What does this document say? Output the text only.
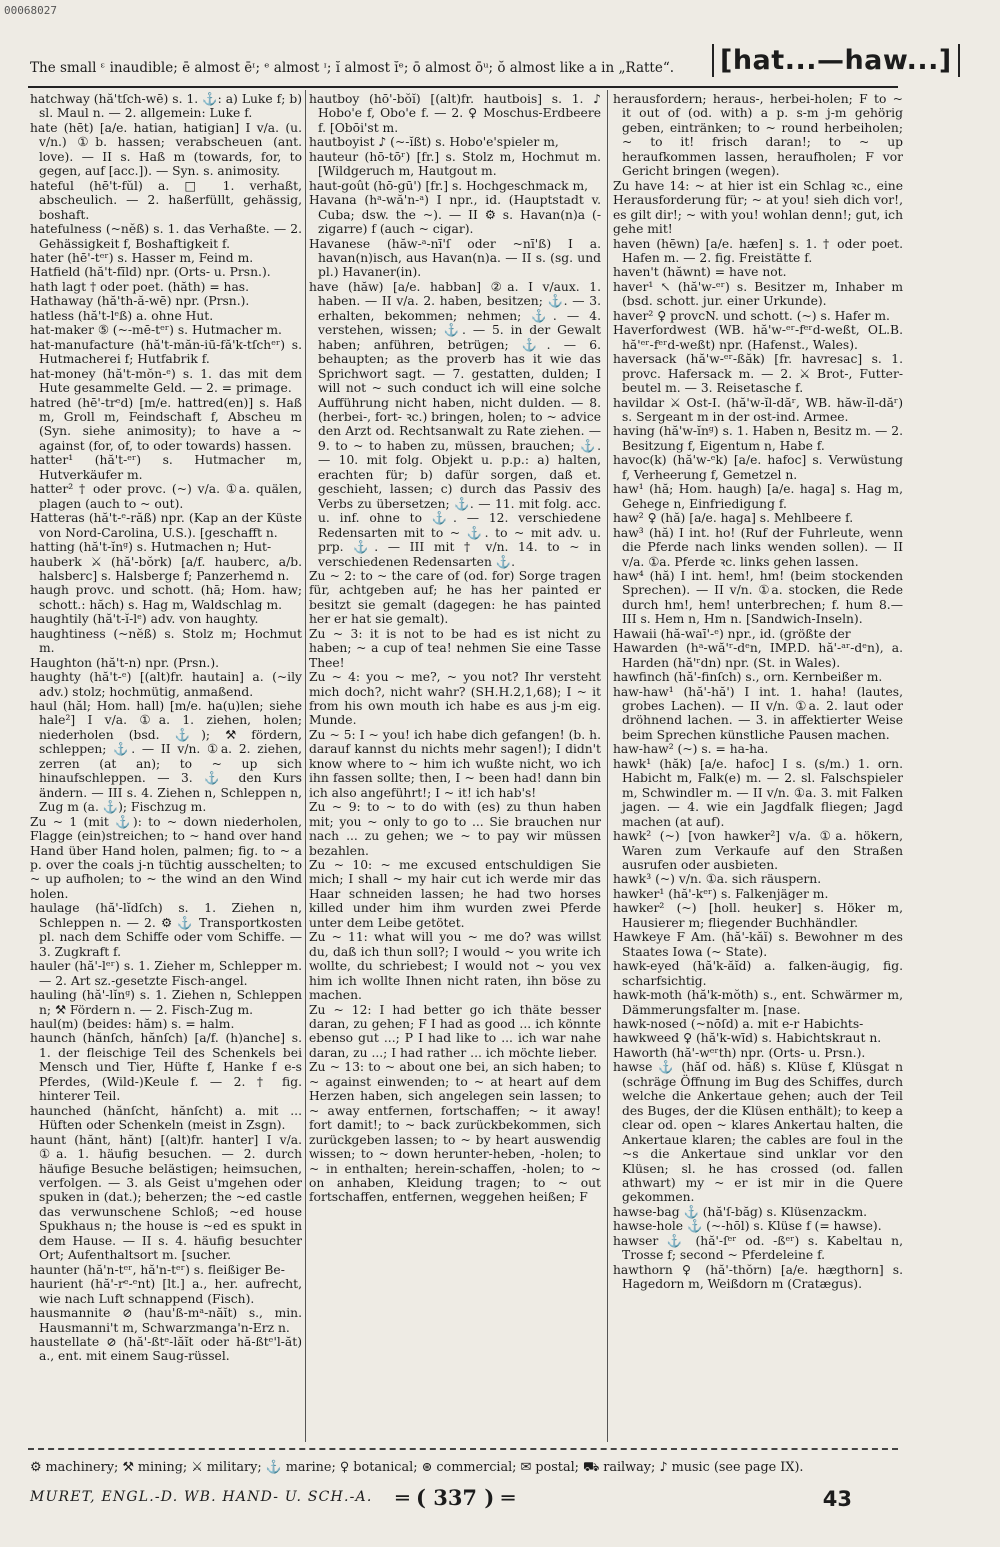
00068027
The small ᵋ inaudible; ē almost ēᶦ; ᵉ almost ᶦ; ĭ almost ĭᵉ; ō almost ōᵘ; ŏ almost like a in „Ratte“.	[hat...—haw...]

hatchway (hă'tſch-wē) s. 1. ⚓: a) Luke f; b) sl. Maul n. — 2. allgemein: Luke f.

hate (hēt) [a/e. hatian, hatigian] I v/a. (u. v/n.) ①b. hassen; verabscheuen (ant. love). — II s. Haß m (towards, for, to gegen, auf [acc.]). — Syn. s. animosity.

hateful (hē't-fŭl) a. □ 1. verhaßt, abscheulich. — 2. haßerfüllt, gehässig, boshaft.

hatefulness (~nĕß) s. 1. das Verhaßte. — 2. Gehässigkeit f, Boshaftigkeit f.

hater (hē'-tᵉʳ) s. Hasser m, Feind m.

Hatfield (hă't-fīld) npr. (Orts- u. Prsn.).

hath lagt † oder poet. (hăth) = has.

Hathaway (hă'th-ă-wē) npr. (Prsn.).

hatless (hă't-lᵉß) a. ohne Hut.

hat-maker ⑤ (~-mē-tᵉʳ) s. Hutmacher m.

hat-manufacture (hă't-măn-iū-fă'k-tſchᵉʳ) s. Hutmacherei f; Hutfabrik f.

hat-money (hă't-mŏn-ᵉ) s. 1. das mit dem Hute gesammelte Geld. — 2. = primage.

hatred (hē'-trᵉd) [m/e. hattred(en)] s. Haß m, Groll m, Feindschaft f, Abscheu m (Syn. siehe animosity); to have a ~ against (for, of, to oder towards) hassen.

hatter¹ (hă't-ᵉʳ) s. Hutmacher m, Hutverkäufer m.

hatter² † oder provc. (~) v/a. ①a. quälen, plagen (auch to ~ out).

Hatteras (hă't-ᵉ-răß) npr. (Kap an der Küste von Nord-Carolina, U.S.). [geschafft n.

hatting (hă't-ĭnᵍ) s. Hutmachen n; Hut-

hauberk ⚔ (hă'-bŏrk) [a/f. hauberc, a/b. halsberc] s. Halsberge f; Panzerhemd n.

haugh provc. und schott. (hā; Hom. haw; schott.: hăch) s. Hag m, Waldschlag m.

haughtily (hă't-ĭ-lᵉ) adv. von haughty.

haughtiness (~nĕß) s. Stolz m; Hochmut m.

Haughton (hă't-n) npr. (Prsn.).

haughty (hă't-ᵉ) [(alt)fr. hautain] a. (~ily adv.) stolz; hochmütig, anmaßend.

haul (hăl; Hom. hall) [m/e. ha(u)len; siehe hale²] I v/a. ①a. 1. ziehen, holen; niederholen (bsd. ⚓); ⚒ fördern, schleppen; ⚓. — II v/n. ①a. 2. ziehen, zerren (at an); to ~ up sich hinaufschleppen. — 3. ⚓ den Kurs ändern. — III s. 4. Ziehen n, Schleppen n, Zug m (a. ⚓); Fischzug m.

Zu ~ 1 (mit ⚓): to ~ down niederholen, Flagge (ein)streichen; to ~ hand over hand Hand über Hand holen, palmen; fig. to ~ a p. over the coals j-n tüchtig ausschelten; to ~ up aufholen; to ~ the wind an den Wind holen.

haulage (hă'-lĭdſch) s. 1. Ziehen n, Schleppen n. — 2. ⚙ ⚓ Transportkosten pl. nach dem Schiffe oder vom Schiffe. — 3. Zugkraft f.

hauler (hă'-lᵉʳ) s. 1. Zieher m, Schlepper m. — 2. Art sz.-gesetzte Fisch-angel.

hauling (hă'-lĭnᵍ) s. 1. Ziehen n, Schleppen n; ⚒ Fördern n. — 2. Fisch-Zug m.

haul(m) (beides: hăm) s. = halm.

haunch (hănſch, hănſch) [a/f. (h)anche] s. 1. der fleischige Teil des Schenkels bei Mensch und Tier, Hüfte f, Hanke f e-s Pferdes, (Wild-)Keule f. — 2. † fig. hinterer Teil.

haunched (hănſcht, hănſcht) a. mit ... Hüften oder Schenkeln (meist in Zsgn).

haunt (hănt, hănt) [(alt)fr. hanter] I v/a. ①a. 1. häufig besuchen. — 2. durch häufige Besuche belästigen; heimsuchen, verfolgen. — 3. als Geist u'mgehen oder spuken in (dat.); beherzen; the ~ed castle das verwunschene Schloß; ~ed house Spukhaus n; the house is ~ed es spukt in dem Hause. — II s. 4. häufig besuchter Ort; Aufenthaltsort m. [sucher.

haunter (hă'n-tᵉʳ, hă'n-tᵉʳ) s. fleißiger Be-

haurient (hă'-rᵉ-ᵉnt) [lt.] a., her. aufrecht, wie nach Luft schnappend (Fisch).

hausmannite ⊘ (hau'ß-mᵃ-năĭt) s., min. Hausmanni't m, Schwarzmanga'n-Erz n.

haustellate ⊘ (hă'-ßtᵉ-lăĭt oder hă-ßtᵉ'l-ăt) a., ent. mit einem Saug-rüssel.

hautboy (hō'-bŏĭ) [(alt)fr. hautbois] s. 1. ♪ Hobo'e f, Obo'e f. — 2. ♀ Moschus-Erdbeere f. [Obōi'st m.

hautboyist ♪ (~-ĭßt) s. Hobo'e'spieler m,

hauteur (hō-tōʳ) [fr.] s. Stolz m, Hochmut m. [Wildgeruch m, Hautgout m.

haut-goût (hō-gū') [fr.] s. Hochgeschmack m,

Havana (hᵃ-wă'n-ᵃ) I npr., id. (Hauptstadt v. Cuba; dsw. the ~). — II ⚙ s. Havan(n)a (-zigarre) f (auch ~ cigar).

Havanese (hăw-ᵃ-nī'ſ oder ~nī'ß) I a. havan(n)isch, aus Havan(n)a. — II s. (sg. und pl.) Havaner(in).

have (hăw) [a/e. habban] ②a. I v/aux. 1. haben. — II v/a. 2. haben, besitzen; ⚓. — 3. erhalten, bekommen; nehmen; ⚓. — 4. verstehen, wissen; ⚓. — 5. in der Gewalt haben; anführen, betrügen; ⚓. — 6. behaupten; as the proverb has it wie das Sprichwort sagt. — 7. gestatten, dulden; I will not ~ such conduct ich will eine solche Aufführung nicht haben, nicht dulden. — 8. (herbei-, fort- ꝛc.) bringen, holen; to ~ advice den Arzt od. Rechtsanwalt zu Rate ziehen. — 9. to ~ to haben zu, müssen, brauchen; ⚓. — 10. mit folg. Objekt u. p.p.: a) halten, erachten für; b) dafür sorgen, daß et. geschieht, lassen; c) durch das Passiv des Verbs zu übersetzen; ⚓. — 11. mit folg. acc. u. inf. ohne to ⚓. — 12. verschiedene Redensarten mit to ~ ⚓. to ~ mit adv. u. prp. ⚓. — III mit † v/n. 14. to ~ in verschiedenen Redensarten ⚓.

Zu ~ 2: to ~ the care of (od. for) Sorge tragen für, achtgeben auf; he has her painted er besitzt sie gemalt (dagegen: he has painted her er hat sie gemalt).

Zu ~ 3: it is not to be had es ist nicht zu haben; ~ a cup of tea! nehmen Sie eine Tasse Thee!

Zu ~ 4: you ~ me?, ~ you not? Ihr versteht mich doch?, nicht wahr? (SH.H.2,1,68); I ~ it from his own mouth ich habe es aus j-m eig. Munde.

Zu ~ 5: I ~ you! ich habe dich gefangen! (b. h. darauf kannst du nichts mehr sagen!); I didn't know where to ~ him ich wußte nicht, wo ich ihn fassen sollte; then, I ~ been had! dann bin ich also angeführt!; I ~ it! ich hab's!

Zu ~ 9: to ~ to do with (es) zu thun haben mit; you ~ only to go to ... Sie brauchen nur nach ... zu gehen; we ~ to pay wir müssen bezahlen.

Zu ~ 10: ~ me excused entschuldigen Sie mich; I shall ~ my hair cut ich werde mir das Haar schneiden lassen; he had two horses killed under him ihm wurden zwei Pferde unter dem Leibe getötet.

Zu ~ 11: what will you ~ me do? was willst du, daß ich thun soll?; I would ~ you write ich wollte, du schriebest; I would not ~ you vex him ich wollte Ihnen nicht raten, ihn böse zu machen.

Zu ~ 12: I had better go ich thäte besser daran, zu gehen; F I had as good ... ich könnte ebenso gut ...; P I had like to ... ich war nahe daran, zu ...; I had rather ... ich möchte lieber.

Zu ~ 13: to ~ about one bei, an sich haben; to ~ against einwenden; to ~ at heart auf dem Herzen haben, sich angelegen sein lassen; to ~ away entfernen, fortschaffen; ~ it away! fort damit!; to ~ back zurückbekommen, sich zurückgeben lassen; to ~ by heart auswendig wissen; to ~ down herunter-heben, -holen; to ~ in enthalten; herein-schaffen, -holen; to ~ on anhaben, Kleidung tragen; to ~ out fortschaffen, entfernen, weggehen heißen; F

herausfordern; heraus-, herbei-holen; F to ~ it out of (od. with) a p. s-m j-m gehörig geben, eintränken; to ~ round herbeiholen; ~ to it! frisch daran!; to ~ up heraufkommen lassen, heraufholen; F vor Gericht bringen (wegen).

Zu have 14: ~ at hier ist ein Schlag ꝛc., eine Herausforderung für; ~ at you! sieh dich vor!, es gilt dir!; ~ with you! wohlan denn!; gut, ich gehe mit!

haven (hēwn) [a/e. hæfen] s. 1. † oder poet. Hafen m. — 2. fig. Freistätte f.

haven't (hăwnt) = have not.

haver¹ ↖ (hă'w-ᵉʳ) s. Besitzer m, Inhaber m (bsd. schott. jur. einer Urkunde).

haver² ♀ provcN. und schott. (~) s. Hafer m.

Haverfordwest (WB. hă'w-ᵉʳ-fᵉʳd-weßt, OL.B. hă'ᵉʳ-fᵉʳd-weßt) npr. (Hafenst., Wales).

haversack (hă'w-ᵉʳ-ßăk) [fr. havresac] s. 1. provc. Hafersack m. — 2. ⚔ Brot-, Futter-beutel m. — 3. Reisetasche f.

havildar ⚔ Ost-I. (hă'w-ĭl-dăʳ, WB. hăw-ĭl-dăʳ) s. Sergeant m in der ost-ind. Armee.

having (hă'w-ĭnᵍ) s. 1. Haben n, Besitz m. — 2. Besitzung f, Eigentum n, Habe f.

havoc(k) (hă'w-ᵉk) [a/e. hafoc] s. Verwüstung f, Verheerung f, Gemetzel n.

haw¹ (hă; Hom. haugh) [a/e. haga] s. Hag m, Gehege n, Einfriedigung f.

haw² ♀ (hă) [a/e. haga] s. Mehlbeere f.

haw³ (hă) I int. ho! (Ruf der Fuhrleute, wenn die Pferde nach links wenden sollen). — II v/a. ①a. Pferde ꝛc. links gehen lassen.

haw⁴ (hă) I int. hem!, hm! (beim stockenden Sprechen). — II v/n. ①a. stocken, die Rede durch hm!, hem! unterbrechen; f. hum 8.—III s. Hem n, Hm n. [Sandwich-Inseln).

Hawaii (hă-waī'-ᵉ) npr., id. (größte der

Hawarden (hᵃ-wă'ʳ-dᵉn, IMP.D. hă'-ᵃʳ-dᵉn), a. Harden (hă'ʳdn) npr. (St. in Wales).

hawfinch (hă'-finſch) s., orn. Kernbeißer m.

haw-haw¹ (hă'-hă') I int. 1. haha! (lautes, grobes Lachen). — II v/n. ①a. 2. laut oder dröhnend lachen. — 3. in affektierter Weise beim Sprechen künstliche Pausen machen.

haw-haw² (~) s. = ha-ha.

hawk¹ (hăk) [a/e. hafoc] I s. (s/m.) 1. orn. Habicht m, Falk(e) m. — 2. sl. Falschspieler m, Schwindler m. — II v/n. ①a. 3. mit Falken jagen. — 4. wie ein Jagdfalk fliegen; Jagd machen (at auf).

hawk² (~) [von hawker²] v/a. ①a. hökern, Waren zum Verkaufe auf den Straßen ausrufen oder ausbieten.

hawk³ (~) v/n. ①a. sich räuspern.

hawker¹ (hă'-kᵉʳ) s. Falkenjäger m.

hawker² (~) [holl. heuker] s. Höker m, Hausierer m; fliegender Buchhändler.

Hawkeye F Am. (hă'-kăĭ) s. Bewohner m des Staates Iowa (~ State).

hawk-eyed (hă'k-ăĭd) a. falken-äugig, fig. scharfsichtig.

hawk-moth (hă'k-mŏth) s., ent. Schwärmer m, Dämmerungsfalter m. [nase.

hawk-nosed (~nōſd) a. mit e-r Habichts-

hawkweed ♀ (hă'k-wīd) s. Habichtskraut n.

Haworth (hă'-wᵉʳth) npr. (Orts- u. Prsn.).

hawse ⚓ (hăſ od. hăß) s. Klüse f, Klüsgat n (schräge Öffnung im Bug des Schiffes, durch welche die Ankertaue gehen; auch der Teil des Buges, der die Klüsen enthält); to keep a clear od. open ~ klares Ankertau halten, die Ankertaue klaren; the cables are foul in the ~s die Ankertaue sind unklar vor den Klüsen; sl. he has crossed (od. fallen athwart) my ~ er ist mir in die Quere gekommen.

hawse-bag ⚓ (hă'ſ-băg) s. Klüsenzackm.

hawse-hole ⚓ (~-hōl) s. Klüse f (= hawse).

hawser ⚓ (hă'-ſᵉʳ od. -ßᵉʳ) s. Kabeltau n, Trosse f; second ~ Pferdeleine f.

hawthorn ♀ (hă'-thŏrn) [a/e. hægthorn] s. Hagedorn m, Weißdorn m (Cratægus).

⚙ machinery; ⚒ mining; ⚔ military; ⚓ marine; ♀ botanical; ⊛ commercial; ✉ postal; ⛟ railway; ♪ music (see page IX).
MURET, ENGL.-D. WB. HAND- U. SCH.-A. ═ ( 337 ) ═	43
